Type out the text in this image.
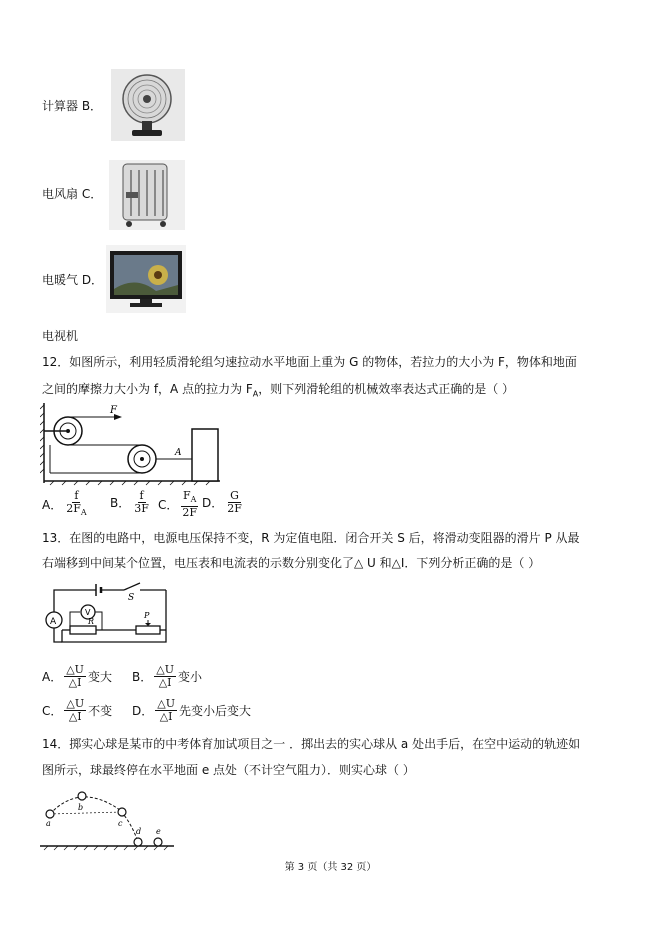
计算器 B．
电风扇 C．
电暖气 D．
电视机
12．如图所示，利用轻质滑轮组匀速拉动水平地面上重为 G 的物体，若拉力的大小为 F，物体和地面
之间的摩擦力大小为 f，A 点的拉力为 $F_A$，则下列滑轮组的机械效率表达式正确的是（ ）
A
F
A． $\frac{f}{2F_A}$ B． $\frac{f}{3F}$ C． $\frac{F_A}{2F}$ D． $\frac{G}{2F}$
13．在图的电路中，电源电压保持不变，R 为定值电阻．闭合开关 S 后，将滑动变阻器的滑片 P 从最
右端移到中间某个位置，电压表和电流表的示数分别变化了△ U 和△I．下列分析正确的是（ ）
A
V
S
R
P
A． $\frac{\triangle U}{\triangle I}$ 变大 B． $\frac{\triangle U}{\triangle I}$ 变小
C． $\frac{\triangle U}{\triangle I}$ 不变 D． $\frac{\triangle U}{\triangle I}$ 先变小后变大
14．掷实心球是某市的中考体育加试项目之一 ．掷出去的实心球从 a 处出手后，在空中运动的轨迹如
图所示，球最终停在水平地面 e 点处（不计空气阻力）．则实心球（ ）
a
b
c
d e
第 3 页（共 32 页）
